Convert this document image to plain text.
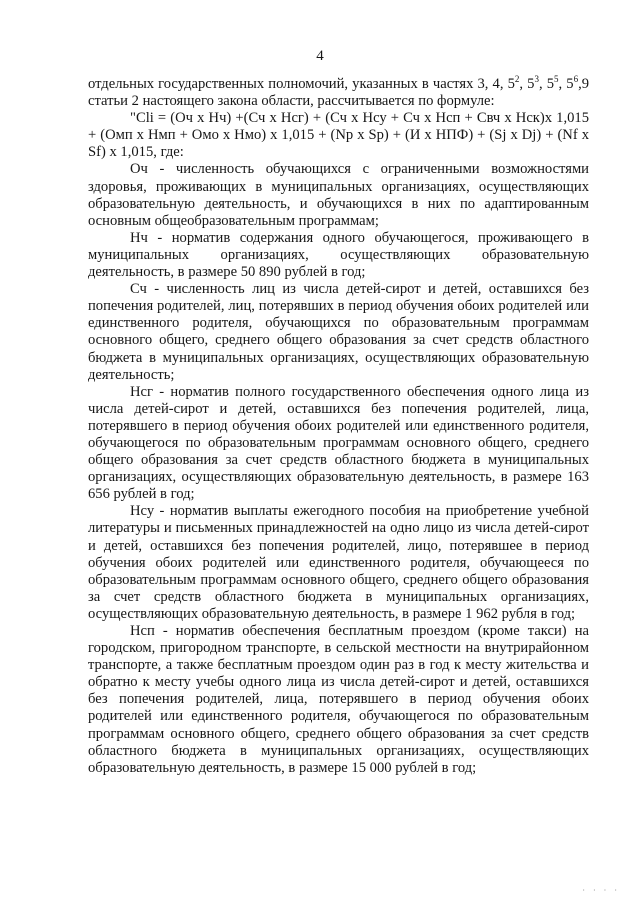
4

отдельных государственных полномочий, указанных в частях 3, 4, $5^2$, $5^3$, $5^5$, $5^6,9$ статьи 2 настоящего закона области, рассчитывается по формуле:

"Cli = (Оч х Нч) +(Сч х Нсг) + (Сч х Нсу + Сч х Нсп + Свч х Нск)х 1,015 + (Омп х Нмп + Омо х Нмо) х 1,015 + (Np x Sp) + (И х НПФ) + (Sj x Dj) + (Nf x Sf) х 1,015, где:

Оч - численность обучающихся с ограниченными возможностями здоровья, проживающих в муниципальных организациях, осуществляющих образовательную деятельность, и обучающихся в них по адаптированным основным общеобразовательным программам;

Нч - норматив содержания одного обучающегося, проживающего в муниципальных организациях, осуществляющих образовательную деятельность, в размере 50 890 рублей в год;

Сч - численность лиц из числа детей-сирот и детей, оставшихся без попечения родителей, лиц, потерявших в период обучения обоих родителей или единственного родителя, обучающихся по образовательным программам основного общего, среднего общего образования за счет средств областного бюджета в муниципальных организациях, осуществляющих образовательную деятельность;

Нсг - норматив полного государственного обеспечения одного лица из числа детей-сирот и детей, оставшихся без попечения родителей, лица, потерявшего в период обучения обоих родителей или единственного родителя, обучающегося по образовательным программам основного общего, среднего общего образования за счет средств областного бюджета в муниципальных организациях, осуществляющих образовательную деятельность, в размере 163 656 рублей в год;

Нсу - норматив выплаты ежегодного пособия на приобретение учебной литературы и письменных принадлежностей на одно лицо из числа детей-сирот и детей, оставшихся без попечения родителей, лицо, потерявшее в период обучения обоих родителей или единственного родителя, обучающееся по образовательным программам основного общего, среднего общего образования за счет средств областного бюджета в муниципальных организациях, осуществляющих образовательную деятельность, в размере 1 962 рубля в год;

Нсп - норматив обеспечения бесплатным проездом (кроме такси) на городском, пригородном транспорте, в сельской местности на внутрирайонном транспорте, а также бесплатным проездом один раз в год к месту жительства и обратно к месту учебы одного лица из числа детей-сирот и детей, оставшихся без попечения родителей, лица, потерявшего в период обучения обоих родителей или единственного родителя, обучающегося по образовательным программам основного общего, среднего общего образования за счет средств областного бюджета в муниципальных организациях, осуществляющих образовательную деятельность, в размере 15 000 рублей в год;

· · · ·
